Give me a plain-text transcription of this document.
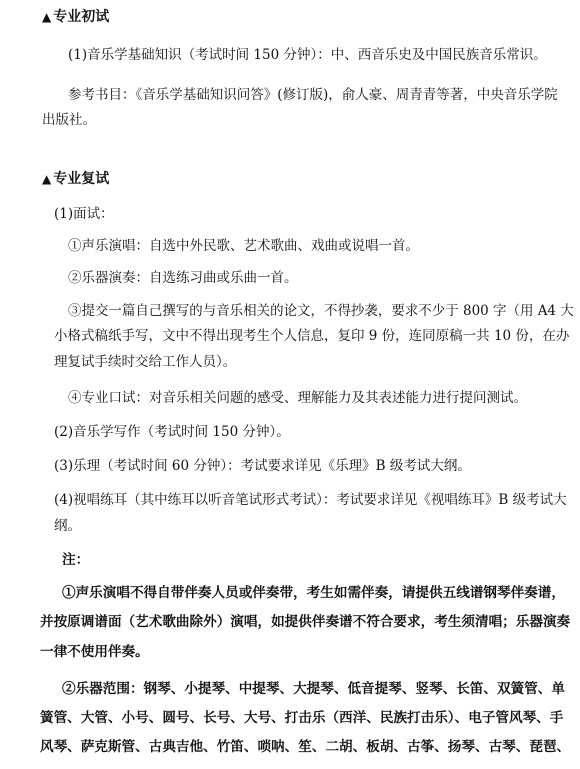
▲ 专业初试
(1)音乐学基础知识（考试时间 150 分钟）：中、西音乐史及中国民族音乐常识。
参考书目：《音乐学基础知识问答》(修订版)，俞人豪、周青青等著，中央音乐学院
出版社。
▲ 专业复试
(1)面试：
①声乐演唱：自选中外民歌、艺术歌曲、戏曲或说唱一首。
②乐器演奏：自选练习曲或乐曲一首。
③提交一篇自己撰写的与音乐相关的论文，不得抄袭，要求不少于 800 字（用 A4 大
小格式稿纸手写，文中不得出现考生个人信息，复印 9 份，连同原稿一共 10 份，在办
理复试手续时交给工作人员）。
④专业口试：对音乐相关问题的感受、理解能力及其表述能力进行提问测试。
(2)音乐学写作（考试时间 150 分钟）。
(3)乐理（考试时间 60 分钟）：考试要求详见《乐理》B 级考试大纲。
(4)视唱练耳（其中练耳以听音笔试形式考试）：考试要求详见《视唱练耳》B 级考试大
纲。
注：
①声乐演唱不得自带伴奏人员或伴奏带，考生如需伴奏，请提供五线谱钢琴伴奏谱，
并按原调谱面（艺术歌曲除外）演唱，如提供伴奏谱不符合要求，考生须清唱；乐器演奏
一律不使用伴奏。
②乐器范围：钢琴、小提琴、中提琴、大提琴、低音提琴、竖琴、长笛、双簧管、单
簧管、大管、小号、圆号、长号、大号、打击乐（西洋、民族打击乐）、电子管风琴、手
风琴、萨克斯管、古典吉他、竹笛、唢呐、笙、二胡、板胡、古筝、扬琴、古琴、琵琶、
